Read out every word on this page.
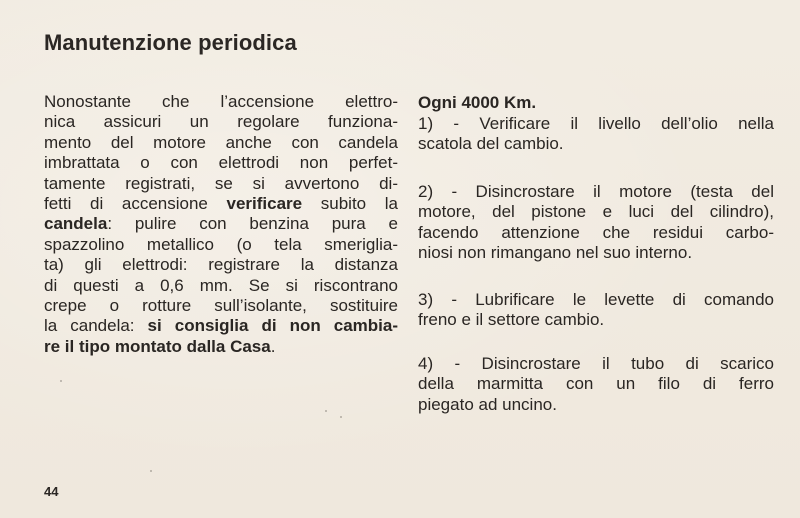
Manutenzione periodica
Nonostante che l’accensione elettro-
nica assicuri un regolare funziona-
mento del motore anche con candela
imbrattata o con elettrodi non perfet-
tamente registrati, se si avvertono di-
fetti di accensione verificare subito la
candela: pulire con benzina pura e
spazzolino metallico (o tela smeriglia-
ta) gli elettrodi: registrare la distanza
di questi a 0,6 mm. Se si riscontrano
crepe o rotture sull’isolante, sostituire
la candela: si consiglia di non cambia-
re il tipo montato dalla Casa.
Ogni 4000 Km.
1) - Verificare il livello dell’olio nella
scatola del cambio.
2) - Disincrostare il motore (testa del
motore, del pistone e luci del cilindro),
facendo attenzione che residui carbo-
niosi non rimangano nel suo interno.
3) - Lubrificare le levette di comando
freno e il settore cambio.
4) - Disincrostare il tubo di scarico
della marmitta con un filo di ferro
piegato ad uncino.
44
